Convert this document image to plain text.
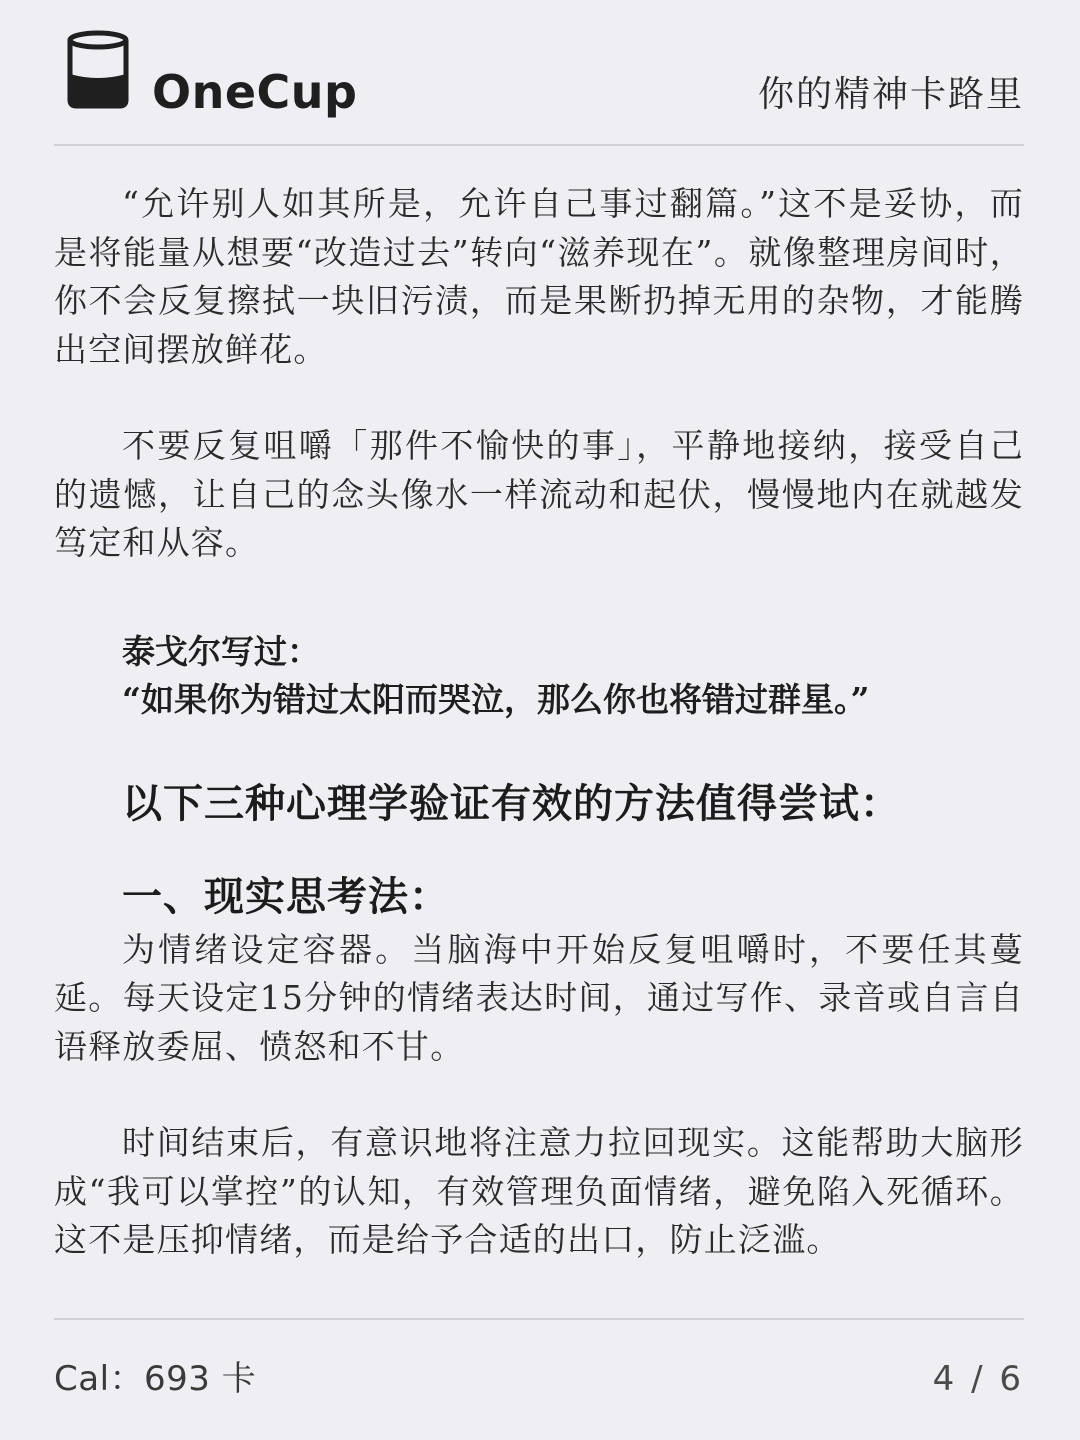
OneCup	你的精神卡路里

“允许别人如其所是，允许自己事过翻篇。”这不是妥协，而是将能量从想要“改造过去”转向“滋养现在”。就像整理房间时，你不会反复擦拭一块旧污渍，而是果断扔掉无用的杂物，才能腾出空间摆放鲜花。

不要反复咀嚼「那件不愉快的事」，平静地接纳，接受自己的遗憾，让自己的念头像水一样流动和起伏，慢慢地内在就越发笃定和从容。

泰戈尔写过：
“如果你为错过太阳而哭泣，那么你也将错过群星。”
以下三种心理学验证有效的方法值得尝试：
一、现实思考法：

为情绪设定容器。当脑海中开始反复咀嚼时，不要任其蔓延。每天设定15分钟的情绪表达时间，通过写作、录音或自言自语释放委屈、愤怒和不甘。

时间结束后，有意识地将注意力拉回现实。这能帮助大脑形成“我可以掌控”的认知，有效管理负面情绪，避免陷入死循环。这不是压抑情绪，而是给予合适的出口，防止泛滥。

Cal：693 卡	4 / 6
